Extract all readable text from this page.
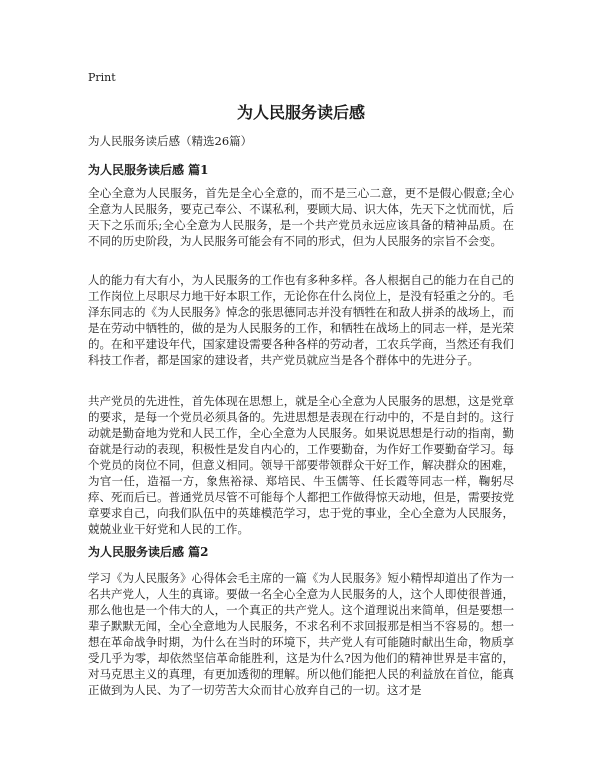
Print
为人民服务读后感
为人民服务读后感（精选26篇）
为人民服务读后感 篇1
全心全意为人民服务，首先是全心全意的，而不是三心二意，更不是假心假意;全心全意为人民服务，要克己奉公、不谋私利，要顾大局、识大体，先天下之忧而忧，后天下之乐而乐;全心全意为人民服务，是一个共产党员永远应该具备的精神品质。在不同的历史阶段，为人民服务可能会有不同的形式，但为人民服务的宗旨不会变。
人的能力有大有小，为人民服务的工作也有多种多样。各人根据自己的能力在自己的工作岗位上尽职尽力地干好本职工作，无论你在什么岗位上，是没有轻重之分的。毛泽东同志的《为人民服务》悼念的张思德同志并没有牺牲在和敌人拼杀的战场上，而是在劳动中牺牲的，做的是为人民服务的工作，和牺牲在战场上的同志一样，是光荣的。在和平建设年代，国家建设需要各种各样的劳动者，工农兵学商，当然还有我们科技工作者，都是国家的建设者，共产党员就应当是各个群体中的先进分子。
共产党员的先进性，首先体现在思想上，就是全心全意为人民服务的思想，这是党章的要求，是每一个党员必须具备的。先进思想是表现在行动中的，不是自封的。这行动就是勤奋地为党和人民工作，全心全意为人民服务。如果说思想是行动的指南，勤奋就是行动的表现，积极性是发自内心的，工作要勤奋，为作好工作要勤奋学习。每个党员的岗位不同，但意义相同。领导干部要带领群众干好工作，解决群众的困难，为官一任，造福一方，象焦裕禄、郑培民、牛玉儒等、任长霞等同志一样，鞠躬尽瘁、死而后已。普通党员尽管不可能每个人都把工作做得惊天动地，但是，需要按党章要求自己，向我们队伍中的英雄模范学习，忠于党的事业，全心全意为人民服务，兢兢业业干好党和人民的工作。
为人民服务读后感 篇2
学习《为人民服务》心得体会毛主席的一篇《为人民服务》短小精悍却道出了作为一名共产党人，人生的真谛。要做一名全心全意为人民服务的人，这个人即使很普通，那么他也是一个伟大的人，一个真正的共产党人。这个道理说出来简单，但是要想一辈子默默无闻，全心全意地为人民服务，不求名利不求回报那是相当不容易的。想一想在革命战争时期，为什么在当时的环境下，共产党人有可能随时献出生命，物质享受几乎为零，却依然坚信革命能胜利，这是为什么?因为他们的精神世界是丰富的，对马克思主义的真理，有更加透彻的理解。所以他们能把人民的利益放在首位，能真正做到为人民、为了一切劳苦大众而甘心放弃自己的一切。这才是
